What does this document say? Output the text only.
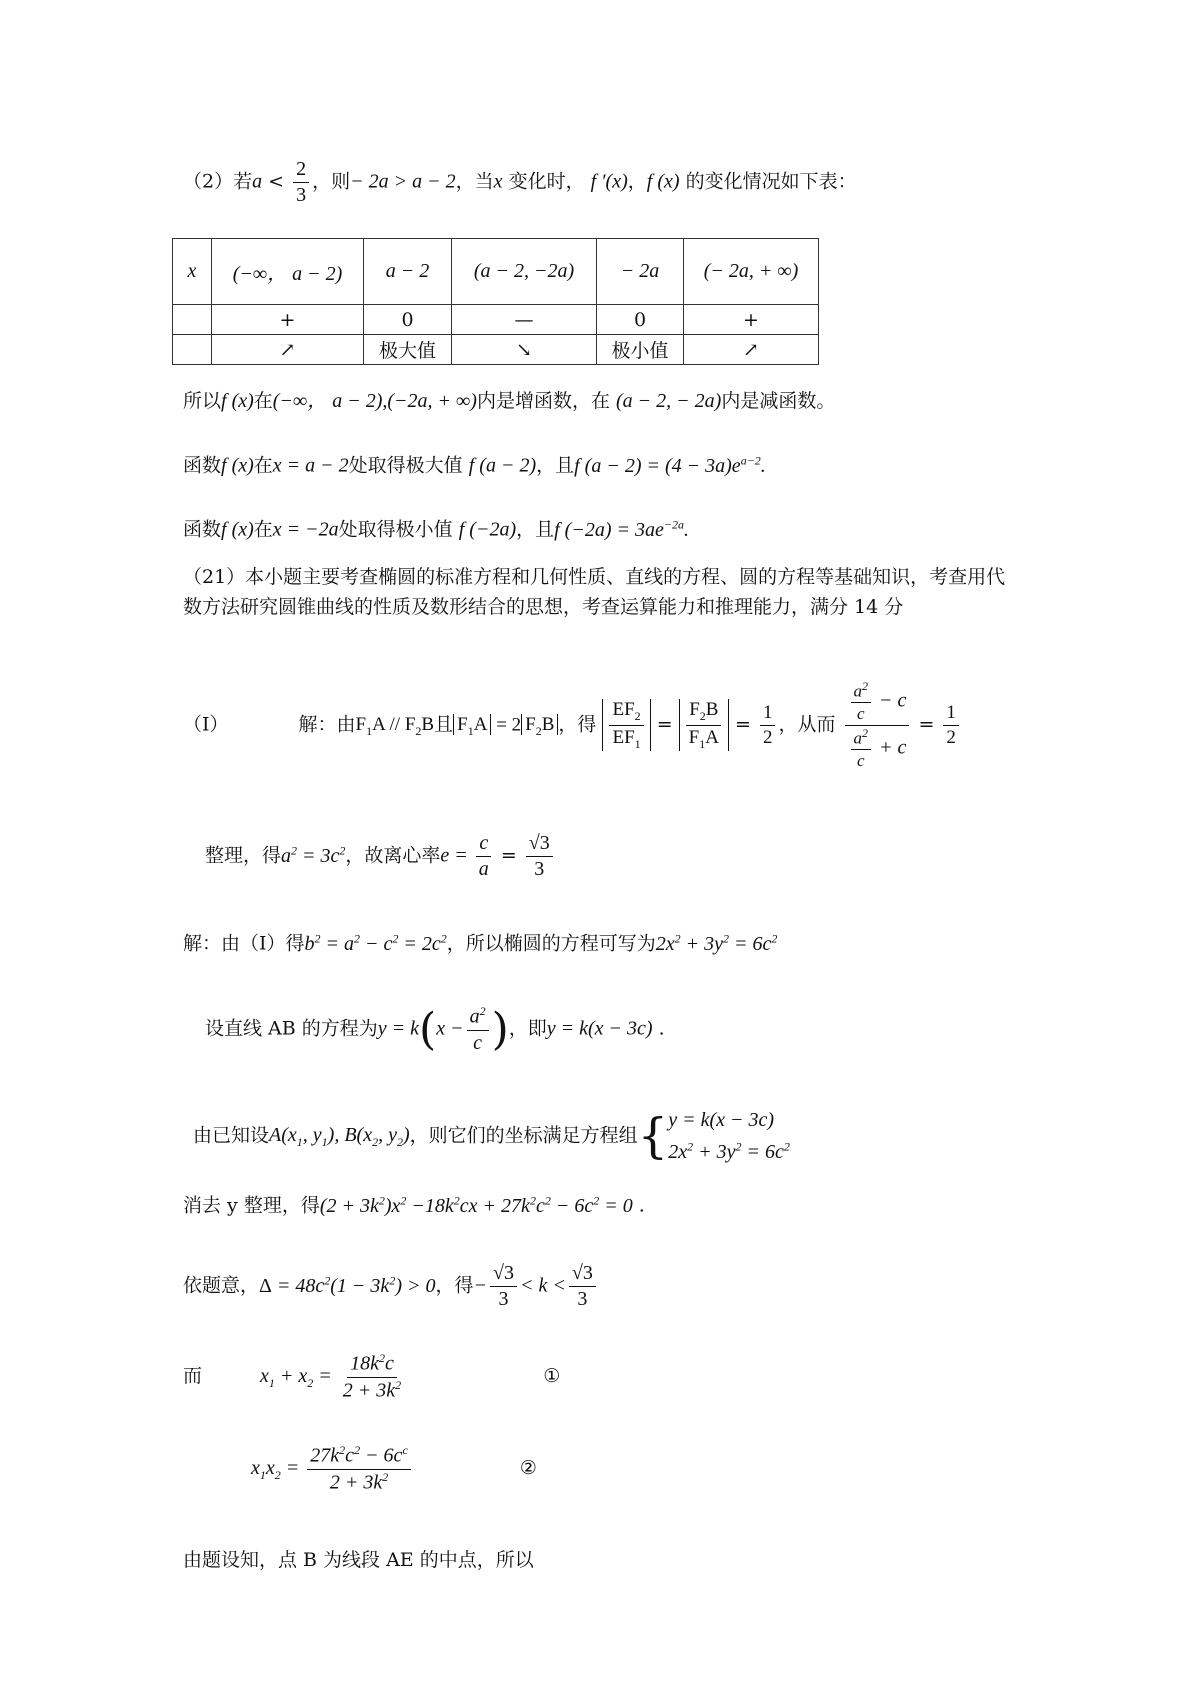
（2）若$a < \frac{2}{3}$ ，则− 2a > a − 2，当x 变化时， f ′(x)，f (x) 的变化情况如下表：
x	(−∞， a − 2)	a − 2	(a − 2, −2a)	− 2a	(− 2a, + ∞)
	+	0	—	0	+
	↗	极大值	↘	极小值	↗
所以f (x)在(−∞， a − 2),(−2a, + ∞)内是增函数，在 (a − 2, − 2a)内是减函数。
函数f (x)在x = a − 2处取得极大值 f (a − 2)，且f $(a - 2) = (4 - 3a)e^{a-2}$.
函数f (x)在x = −2a处取得极小值 f (−2a)，且f $(-2a) = 3ae^{-2a}$.
（21）本小题主要考查椭圆的标准方程和几何性质、直线的方程、圆的方程等基础知识，考查用代数方法研究圆锥曲线的性质及数形结合的思想，考查运算能力和推理能力，满分 14 分
（I）	解：由$F_1A // F_2B$且 $F_1A = 2$ $F_2B$ ，得 $\frac{EF_2}{EF_1} = \frac{F_2B}{F_1A} = \frac{1}{2}$ ，从而 $\frac{\frac{a^2}{c} - c}{\frac{a^2}{c} + c} = \frac{1}{2}$
整理，得$a^2 = 3c^2$，故离心率$e = \frac{c}{a} = \frac{√3}{3}$
解：由（I）得$b^2 = a^2 - c^2 = 2c^2$，所以椭圆的方程可写为$2x^2 + 3y^2 = 6c^2$
设直线 AB 的方程为$y = k(x - \frac{a^2}{c}$ )，即y = k(x − 3c) .
由已知设$A(x_1$, $y_1$), $B(x_2$, $y_2$)，则它们的坐标满足方程组{ y = k(x − 3c)
$2x^2 + 3y^2 = 6c^2$
消去 y 整理，得$(2 + 3k^2)x^2 -18k^2cx + 27k^2c^2 - 6c^2 = 0$ .
依题意，$\Delta = 48c^2(1 - 3k^2) > 0$，得− $\frac{√3}{3} < k < \frac{√3}{3}$
而	$x_1 + x_2 = \frac{18k^2c}{2 + 3k^2}$	①
$x_1x_2 = \frac{27k^2c^2 - 6c^c}{2 + 3k^2}$	②
由题设知，点 B 为线段 AE 的中点，所以
